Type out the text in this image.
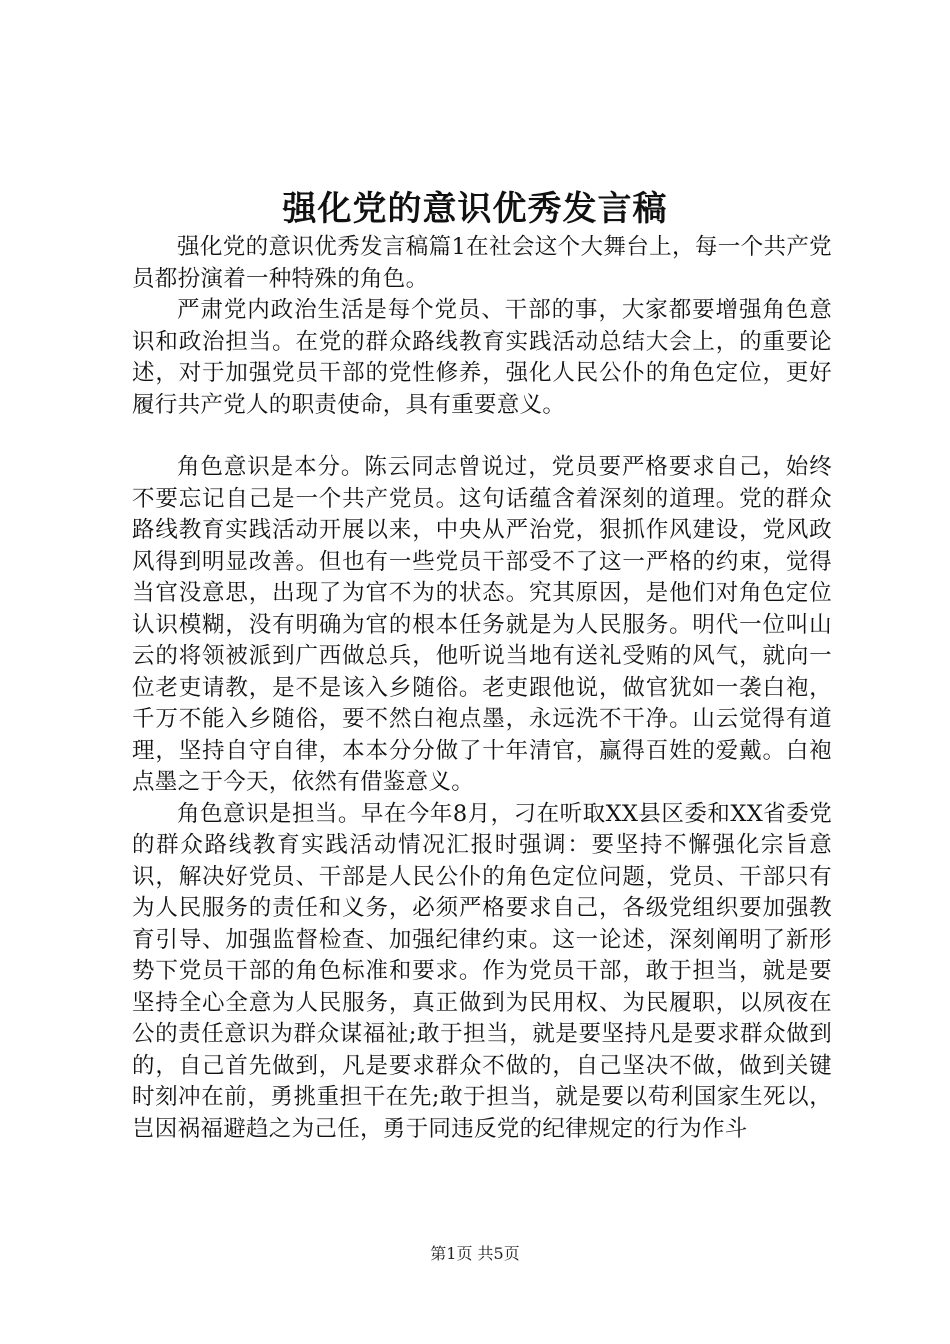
强化党的意识优秀发言稿

强化党的意识优秀发言稿篇1在社会这个大舞台上，每一个共产党员都扮演着一种特殊的角色。

严肃党内政治生活是每个党员、干部的事，大家都要增强角色意识和政治担当。在党的群众路线教育实践活动总结大会上，的重要论述，对于加强党员干部的党性修养，强化人民公仆的角色定位，更好履行共产党人的职责使命，具有重要意义。

角色意识是本分。陈云同志曾说过，党员要严格要求自己，始终不要忘记自己是一个共产党员。这句话蕴含着深刻的道理。党的群众路线教育实践活动开展以来，中央从严治党，狠抓作风建设，党风政风得到明显改善。但也有一些党员干部受不了这一严格的约束，觉得当官没意思，出现了为官不为的状态。究其原因，是他们对角色定位认识模糊，没有明确为官的根本任务就是为人民服务。明代一位叫山云的将领被派到广西做总兵，他听说当地有送礼受贿的风气，就向一位老吏请教，是不是该入乡随俗。老吏跟他说，做官犹如一袭白袍，千万不能入乡随俗，要不然白袍点墨，永远洗不干净。山云觉得有道理，坚持自守自律，本本分分做了十年清官，赢得百姓的爱戴。白袍点墨之于今天，依然有借鉴意义。

角色意识是担当。早在今年8月，刁在听取XX县区委和XX省委党的群众路线教育实践活动情况汇报时强调：要坚持不懈强化宗旨意识，解决好党员、干部是人民公仆的角色定位问题，党员、干部只有为人民服务的责任和义务，必须严格要求自己，各级党组织要加强教育引导、加强监督检查、加强纪律约束。这一论述，深刻阐明了新形势下党员干部的角色标准和要求。作为党员干部，敢于担当，就是要坚持全心全意为人民服务，真正做到为民用权、为民履职，以夙夜在公的责任意识为群众谋福祉;敢于担当，就是要坚持凡是要求群众做到的，自己首先做到，凡是要求群众不做的，自己坚决不做，做到关键时刻冲在前，勇挑重担干在先;敢于担当，就是要以苟利国家生死以，岂因祸福避趋之为己任，勇于同违反党的纪律规定的行为作斗

第1页 共5页
